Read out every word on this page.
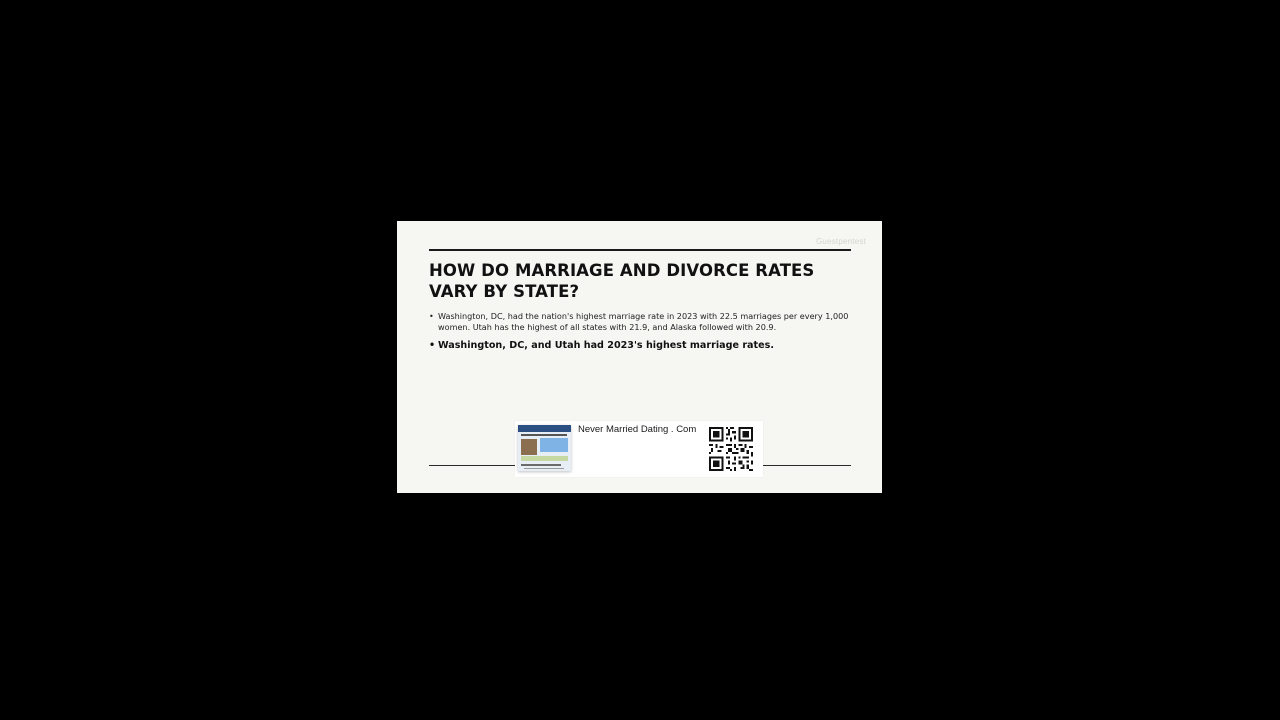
Guestpentest
HOW DO MARRIAGE AND DIVORCE RATES VARY BY STATE?
• Washington, DC, had the nation's highest marriage rate in 2023 with 22.5 marriages per every 1,000 women. Utah has the highest of all states with 21.9, and Alaska followed with 20.9.
• Washington, DC, and Utah had 2023's highest marriage rates.
Never Married Dating . Com
